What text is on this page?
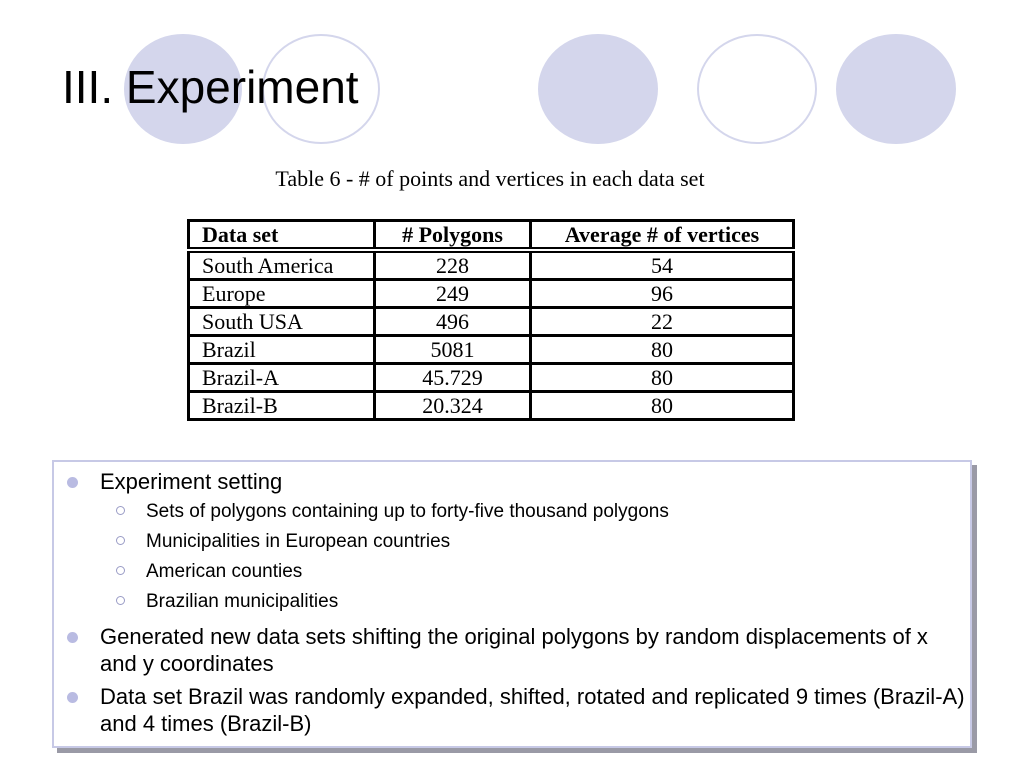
III. Experiment
Table 6 - # of points and vertices in each data set
Data set	# Polygons	Average # of vertices
South America	228	54
Europe	249	96
South USA	496	22
Brazil	5081	80
Brazil-A	45.729	80
Brazil-B	20.324	80
Experiment setting
Sets of polygons containing up to forty-five thousand polygons
Municipalities in European countries
American counties
Brazilian municipalities
Generated new data sets shifting the original polygons by random displacements of x and y coordinates
Data set Brazil was randomly expanded, shifted, rotated and replicated 9 times (Brazil-A) and 4 times (Brazil-B)
